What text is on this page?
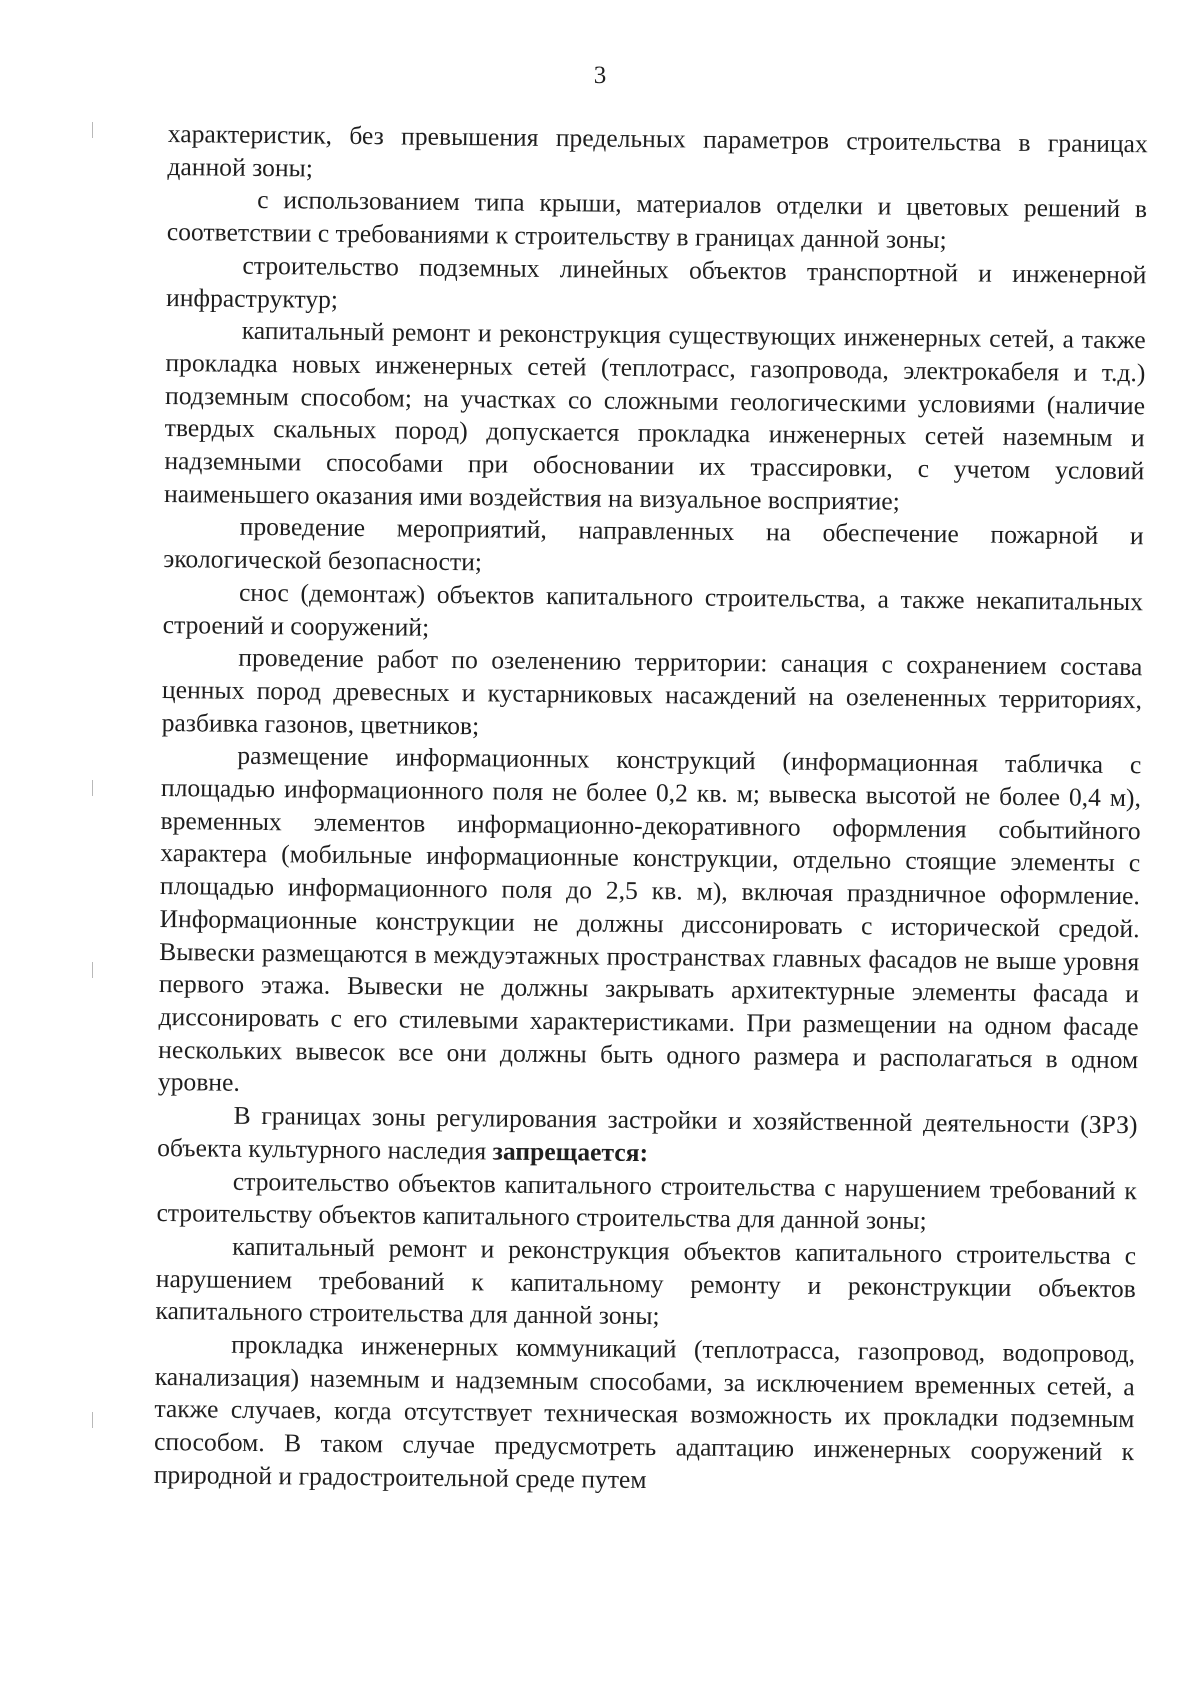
3

характеристик, без превышения предельных параметров строительства в границах данной зоны;

с использованием типа крыши, материалов отделки и цветовых решений в соответствии с требованиями к строительству в границах данной зоны;

строительство подземных линейных объектов транспортной и инженерной инфраструктур;

капитальный ремонт и реконструкция существующих инженерных сетей, а также прокладка новых инженерных сетей (теплотрасс, газопровода, электрокабеля и т.д.) подземным способом; на участках со сложными геологическими условиями (наличие твердых скальных пород) допускается прокладка инженерных сетей наземным и надземными способами при обосновании их трассировки, с учетом условий наименьшего оказания ими воздействия на визуальное восприятие;

проведение мероприятий, направленных на обеспечение пожарной и экологической безопасности;

снос (демонтаж) объектов капитального строительства, а также некапитальных строений и сооружений;

проведение работ по озеленению территории: санация с сохранением состава ценных пород древесных и кустарниковых насаждений на озелененных территориях, разбивка газонов, цветников;

размещение информационных конструкций (информационная табличка с площадью информационного поля не более 0,2 кв. м; вывеска высотой не более 0,4 м), временных элементов информационно-декоративного оформления событийного характера (мобильные информационные конструкции, отдельно стоящие элементы с площадью информационного поля до 2,5 кв. м), включая праздничное оформление. Информационные конструкции не должны диссонировать с исторической средой. Вывески размещаются в междуэтажных пространствах главных фасадов не выше уровня первого этажа. Вывески не должны закрывать архитектурные элементы фасада и диссонировать с его стилевыми характеристиками. При размещении на одном фасаде нескольких вывесок все они должны быть одного размера и располагаться в одном уровне.

В границах зоны регулирования застройки и хозяйственной деятельности (ЗРЗ) объекта культурного наследия запрещается:

строительство объектов капитального строительства с нарушением требований к строительству объектов капитального строительства для данной зоны;

капитальный ремонт и реконструкция объектов капитального строительства с нарушением требований к капитальному ремонту и реконструкции объектов капитального строительства для данной зоны;

прокладка инженерных коммуникаций (теплотрасса, газопровод, водопровод, канализация) наземным и надземным способами, за исключением временных сетей, а также случаев, когда отсутствует техническая возможность их прокладки подземным способом. В таком случае предусмотреть адаптацию инженерных сооружений к природной и градостроительной среде путем
